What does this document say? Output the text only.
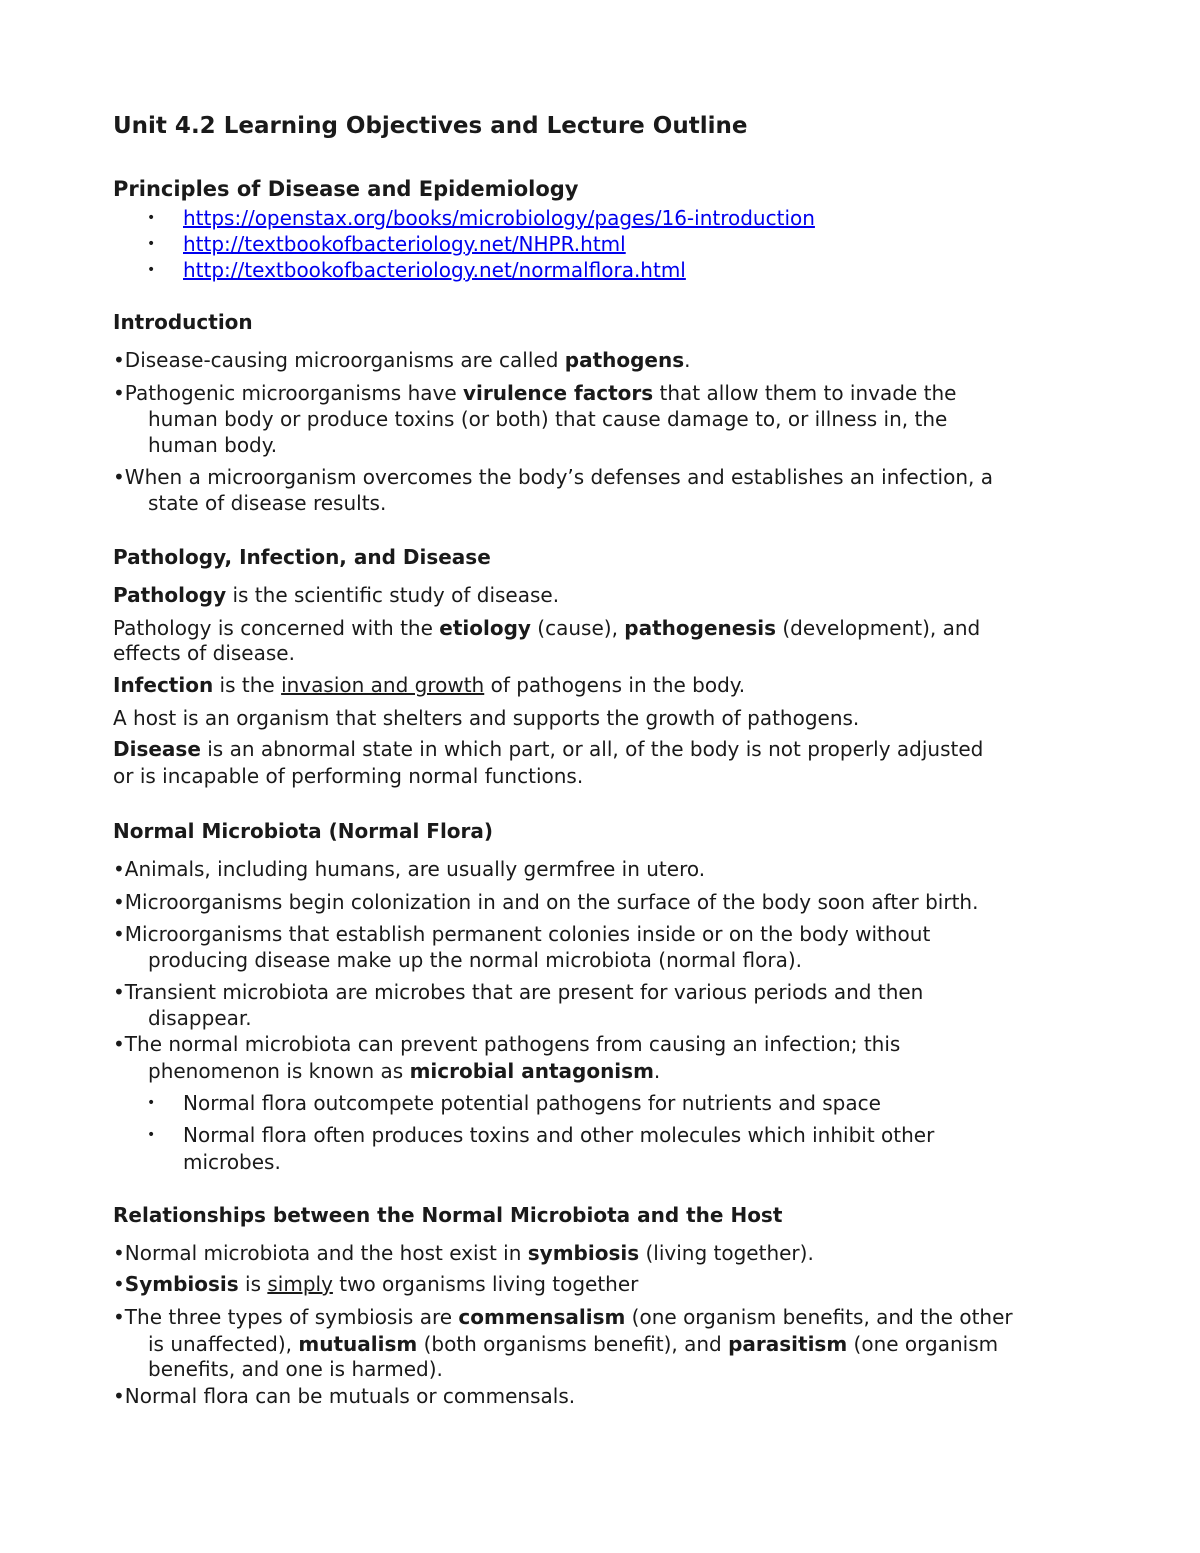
Unit 4.2 Learning Objectives and Lecture Outline
Principles of Disease and Epidemiology
• https://openstax.org/books/microbiology/pages/16-introduction
• http://textbookofbacteriology.net/NHPR.html
• http://textbookofbacteriology.net/normalflora.html
Introduction
•Disease-causing microorganisms are called pathogens.
•Pathogenic microorganisms have virulence factors that allow them to invade the
human body or produce toxins (or both) that cause damage to, or illness in, the
human body.
•When a microorganism overcomes the body’s defenses and establishes an infection, a
state of disease results.
Pathology, Infection, and Disease
Pathology is the scientific study of disease.
Pathology is concerned with the etiology (cause), pathogenesis (development), and
effects of disease.
Infection is the invasion and growth of pathogens in the body.
A host is an organism that shelters and supports the growth of pathogens.
Disease is an abnormal state in which part, or all, of the body is not properly adjusted
or is incapable of performing normal functions.
Normal Microbiota (Normal Flora)
•Animals, including humans, are usually germfree in utero.
•Microorganisms begin colonization in and on the surface of the body soon after birth.
•Microorganisms that establish permanent colonies inside or on the body without
producing disease make up the normal microbiota (normal flora).
•Transient microbiota are microbes that are present for various periods and then
disappear.
•The normal microbiota can prevent pathogens from causing an infection; this
phenomenon is known as microbial antagonism.
• Normal flora outcompete potential pathogens for nutrients and space
• Normal flora often produces toxins and other molecules which inhibit other
microbes.
Relationships between the Normal Microbiota and the Host
•Normal microbiota and the host exist in symbiosis (living together).
•Symbiosis is simply two organisms living together
•The three types of symbiosis are commensalism (one organism benefits, and the other
is unaffected), mutualism (both organisms benefit), and parasitism (one organism
benefits, and one is harmed).
•Normal flora can be mutuals or commensals.
